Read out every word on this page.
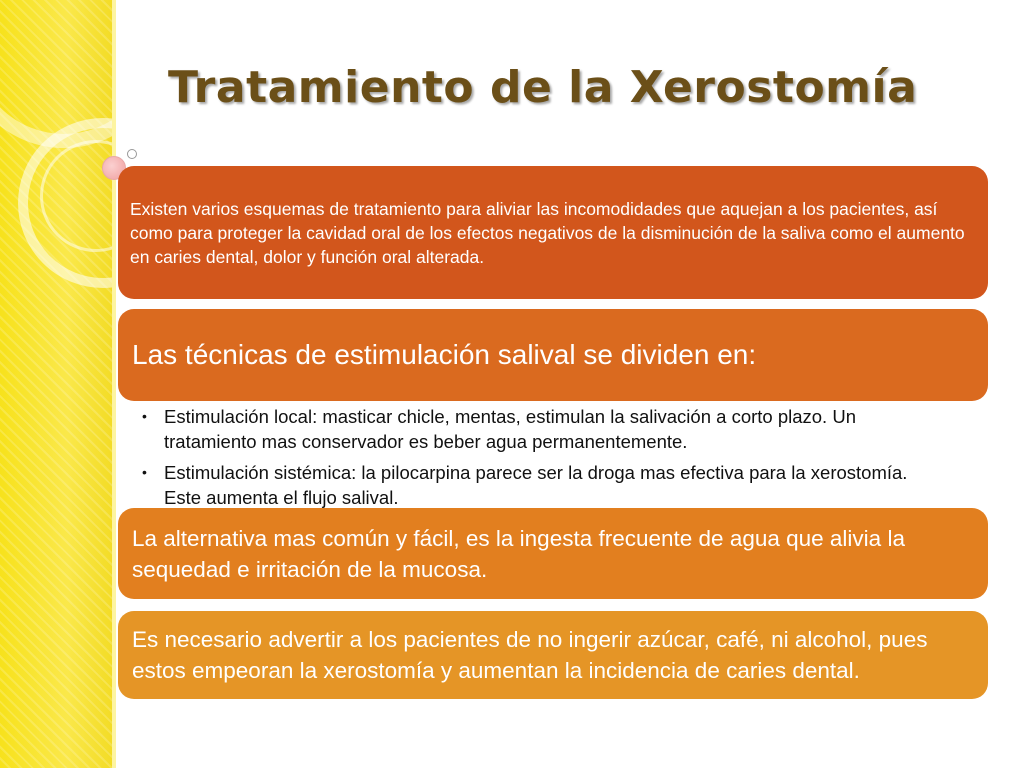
Tratamiento de la Xerostomía
Existen varios esquemas de tratamiento para aliviar las incomodidades que aquejan a los pacientes, así como para proteger la cavidad oral de los efectos negativos de la disminución de la saliva como el aumento en caries dental, dolor y función oral alterada.
Las técnicas de estimulación salival se dividen en:
• Estimulación local: masticar chicle, mentas, estimulan la salivación a corto plazo. Un tratamiento mas conservador es beber agua permanentemente.
• Estimulación sistémica: la pilocarpina parece ser la droga mas efectiva para la xerostomía. Este aumenta el flujo salival.
La alternativa mas común y fácil, es la ingesta frecuente de agua que alivia la sequedad e irritación de la mucosa.
Es necesario advertir a los pacientes de no ingerir azúcar, café, ni alcohol, pues estos empeoran la xerostomía y aumentan la incidencia de caries dental.
